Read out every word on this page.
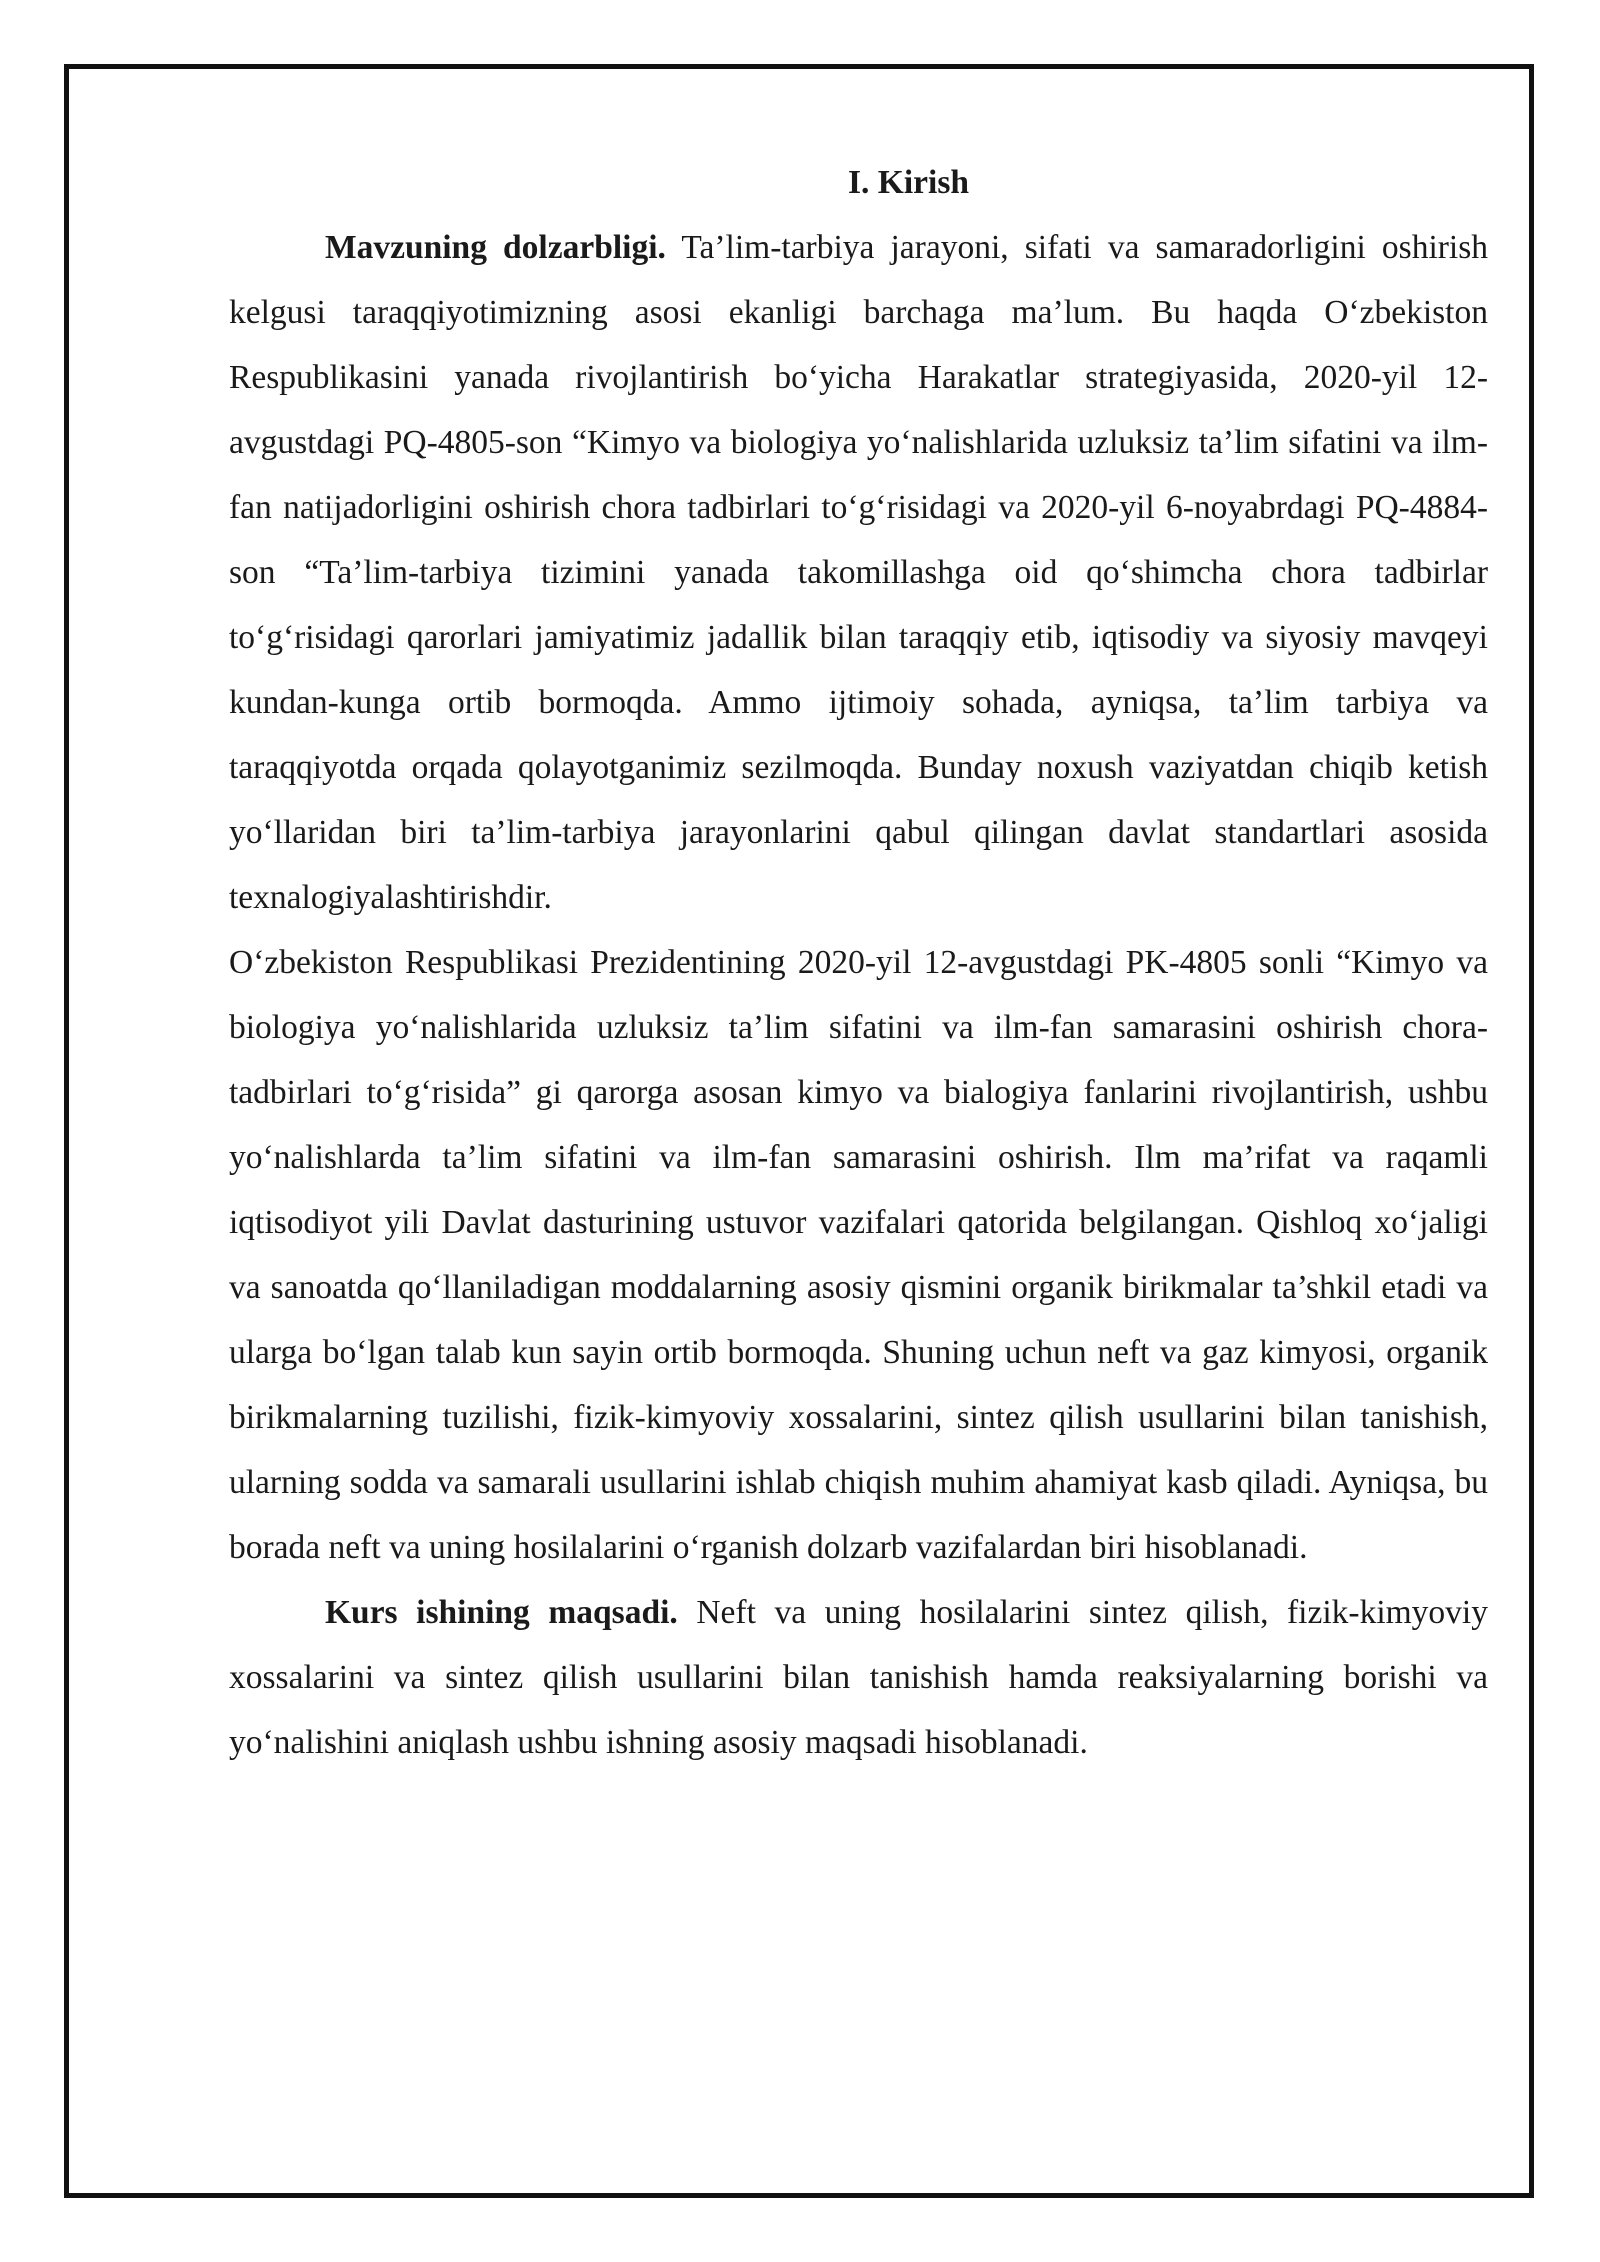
I. Kirish

Mavzuning dolzarbligi. Ta’lim-tarbiya jarayoni, sifati va samaradorligini oshirish kelgusi taraqqiyotimizning asosi ekanligi barchaga ma’lum. Bu haqda O‘zbekiston Respublikasini yanada rivojlantirish bo‘yicha Harakatlar strategiyasida, 2020-yil 12-avgustdagi PQ-4805-son “Kimyo va biologiya yo‘nalishlarida uzluksiz ta’lim sifatini va ilm-fan natijadorligini oshirish chora tadbirlari to‘g‘risidagi va 2020-yil 6-noyabrdagi PQ-4884-son “Ta’lim-tarbiya tizimini yanada takomillashga oid qo‘shimcha chora tadbirlar to‘g‘risidagi qarorlari jamiyatimiz jadallik bilan taraqqiy etib, iqtisodiy va siyosiy mavqeyi kundan-kunga ortib bormoqda. Ammo ijtimoiy sohada, ayniqsa, ta’lim tarbiya va taraqqiyotda orqada qolayotganimiz sezilmoqda. Bunday noxush vaziyatdan chiqib ketish yo‘llaridan biri ta’lim-tarbiya jarayonlarini qabul qilingan davlat standartlari asosida texnalogiyalashtirishdir.

O‘zbekiston Respublikasi Prezidentining 2020-yil 12-avgustdagi PK-4805 sonli “Kimyo va biologiya yo‘nalishlarida uzluksiz ta’lim sifatini va ilm-fan samarasini oshirish chora-tadbirlari to‘g‘risida” gi qarorga asosan kimyo va bialogiya fanlarini rivojlantirish, ushbu yo‘nalishlarda ta’lim sifatini va ilm-fan samarasini oshirish. Ilm ma’rifat va raqamli iqtisodiyot yili Davlat dasturining ustuvor vazifalari qatorida belgilangan. Qishloq xo‘jaligi va sanoatda qo‘llaniladigan moddalarning asosiy qismini organik birikmalar ta’shkil etadi va ularga bo‘lgan talab kun sayin ortib bormoqda. Shuning uchun neft va gaz kimyosi, organik birikmalarning tuzilishi, fizik-kimyoviy xossalarini, sintez qilish usullarini bilan tanishish, ularning sodda va samarali usullarini ishlab chiqish muhim ahamiyat kasb qiladi. Ayniqsa, bu borada neft va uning hosilalarini o‘rganish dolzarb vazifalardan biri hisoblanadi.

Kurs ishining maqsadi. Neft va uning hosilalarini sintez qilish, fizik-kimyoviy xossalarini va sintez qilish usullarini bilan tanishish hamda reaksiyalarning borishi va yo‘nalishini aniqlash ushbu ishning asosiy maqsadi hisoblanadi.
